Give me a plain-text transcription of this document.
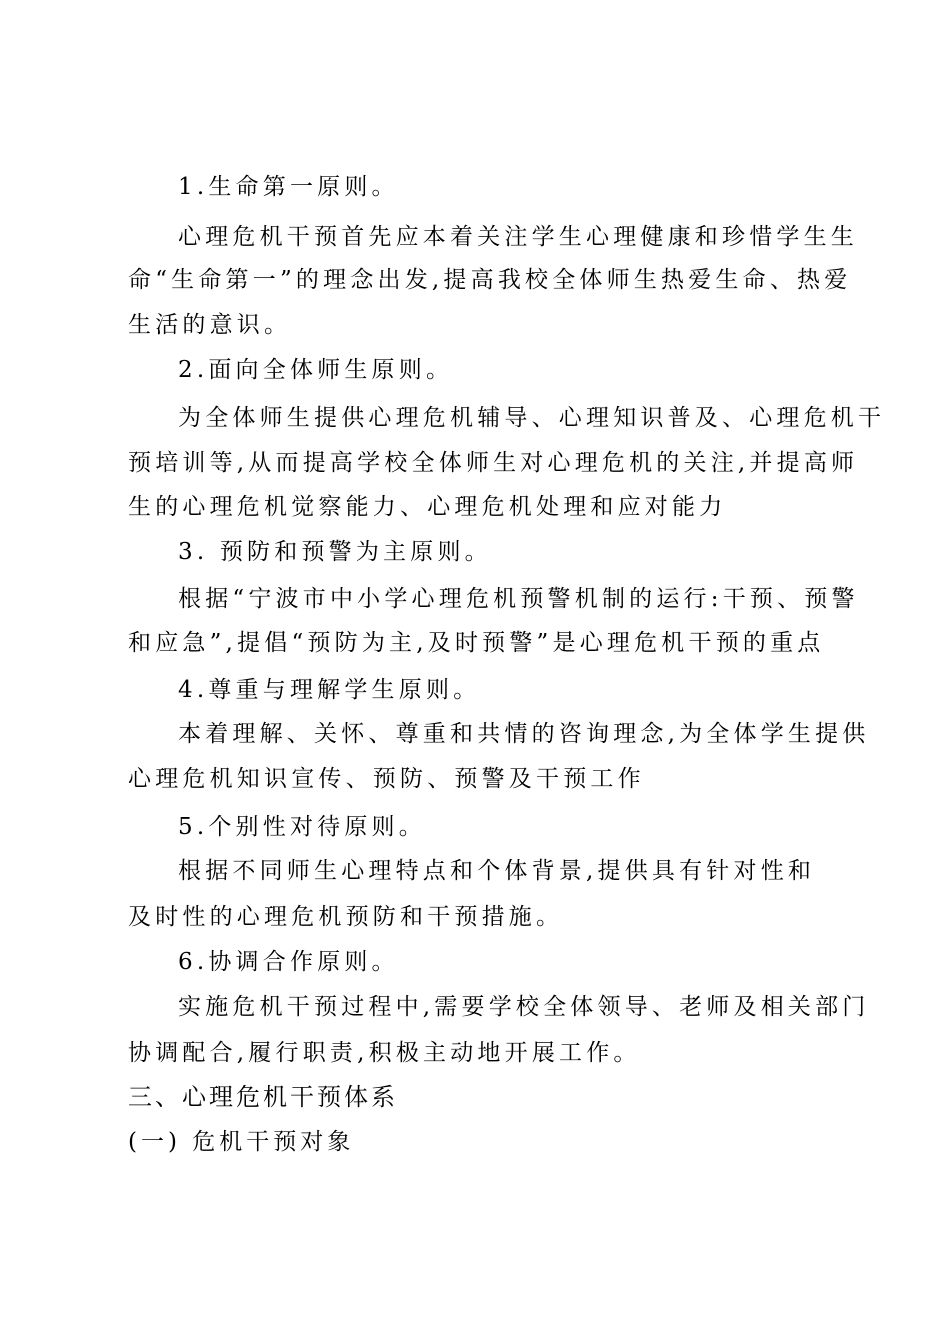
1.生命第一原则。
心理危机干预首先应本着关注学生心理健康和珍惜学生生
命“生命第一”的理念出发,提高我校全体师生热爱生命、热爱
生活的意识。
2.面向全体师生原则。
为全体师生提供心理危机辅导、心理知识普及、心理危机干
预培训等,从而提高学校全体师生对心理危机的关注,并提高师
生的心理危机觉察能力、心理危机处理和应对能力
3. 预防和预警为主原则。
根据“宁波市中小学心理危机预警机制的运行:干预、预警
和应急”,提倡“预防为主,及时预警”是心理危机干预的重点
4.尊重与理解学生原则。
本着理解、关怀、尊重和共情的咨询理念,为全体学生提供
心理危机知识宣传、预防、预警及干预工作
5.个别性对待原则。
根据不同师生心理特点和个体背景,提供具有针对性和
及时性的心理危机预防和干预措施。
6.协调合作原则。
实施危机干预过程中,需要学校全体领导、老师及相关部门
协调配合,履行职责,积极主动地开展工作。
三、心理危机干预体系
(一) 危机干预对象
